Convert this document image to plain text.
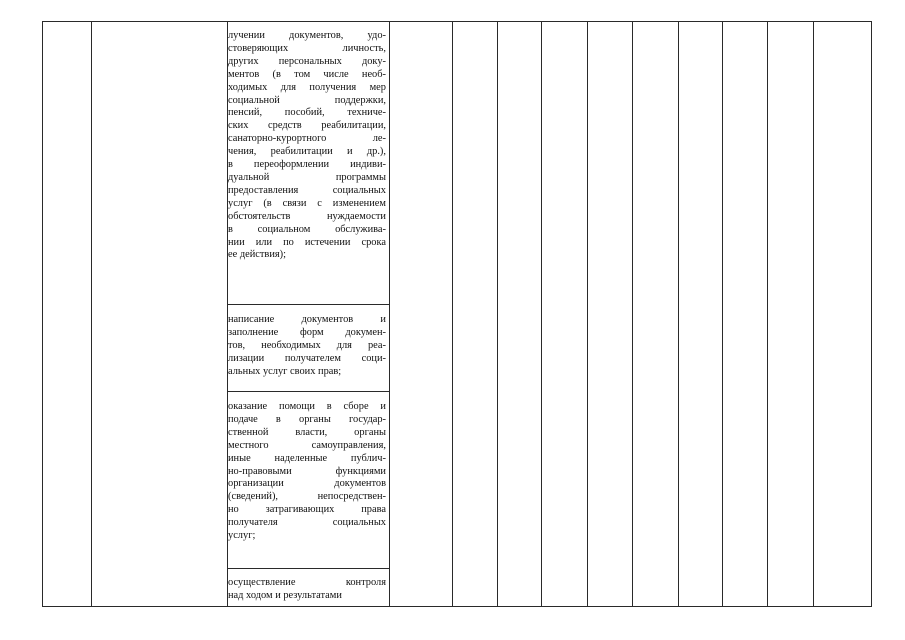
лучении документов, удо-
стоверяющих личность,
других персональных доку-
ментов (в том числе необ-
ходимых для получения мер
социальной поддержки,
пенсий, пособий, техниче-
ских средств реабилитации,
санаторно-курортного ле-
чения, реабилитации и др.),
в переоформлении индиви-
дуальной программы
предоставления социальных
услуг (в связи с изменением
обстоятельств нуждаемости
в социальном обслужива-
нии или по истечении срока
ее действия);
написание документов и
заполнение форм докумен-
тов, необходимых для реа-
лизации получателем соци-
альных услуг своих прав;
оказание помощи в сборе и
подаче в органы государ-
ственной власти, органы
местного самоуправления,
иные наделенные публич-
но-правовыми функциями
организации документов
(сведений), непосредствен-
но затрагивающих права
получателя социальных
услуг;
осуществление контроля
над ходом и результатами
